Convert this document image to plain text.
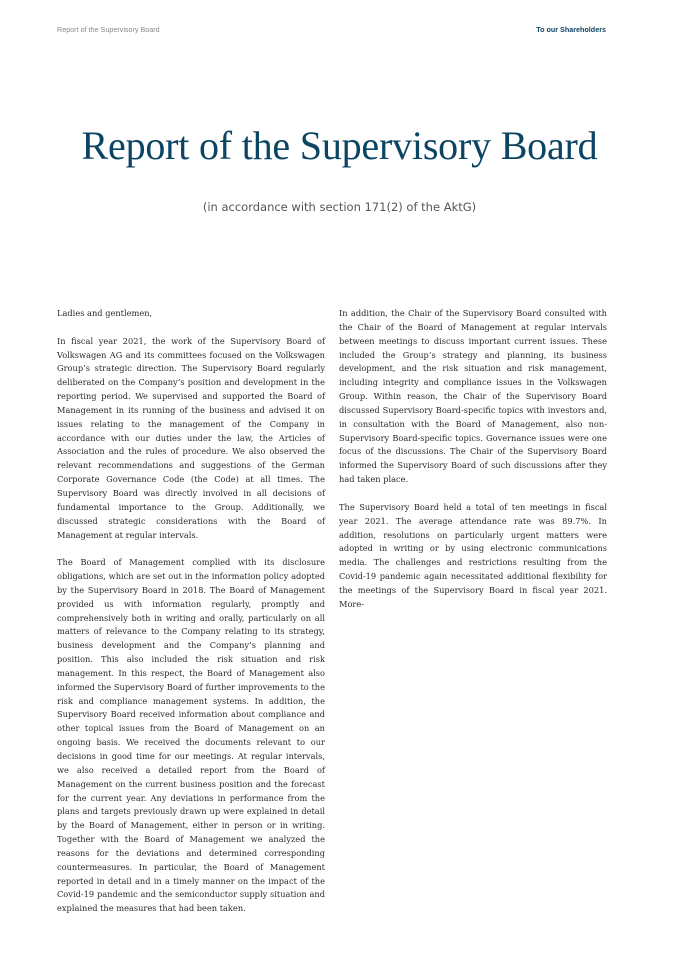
Report of the Supervisory Board	To our Shareholders
Report of the Supervisory Board
(in accordance with section 171(2) of the AktG)

Ladies and gentlemen,

In fiscal year 2021, the work of the Supervisory Board of Volkswagen AG and its committees focused on the Volkswagen Group’s strategic direction. The Supervisory Board regularly deliberated on the Company’s position and development in the reporting period. We supervised and supported the Board of Management in its running of the business and advised it on issues relating to the management of the Company in accordance with our duties under the law, the Articles of Association and the rules of procedure. We also observed the relevant recommendations and suggestions of the German Corporate Governance Code (the Code) at all times. The Supervisory Board was directly involved in all decisions of fundamental importance to the Group. Additionally, we discussed strategic considerations with the Board of Management at regular intervals.

The Board of Management complied with its disclosure obligations, which are set out in the information policy adopted by the Supervisory Board in 2018. The Board of Management provided us with information regularly, promptly and comprehensively both in writing and orally, particularly on all matters of relevance to the Company relating to its strategy, business development and the Company’s planning and position. This also included the risk situation and risk management. In this respect, the Board of Management also informed the Supervisory Board of further improvements to the risk and compliance management systems. In addition, the Supervisory Board received information about compliance and other topical issues from the Board of Management on an ongoing basis. We received the documents relevant to our decisions in good time for our meetings. At regular intervals, we also received a detailed report from the Board of Management on the current business position and the forecast for the current year. Any deviations in performance from the plans and targets previously drawn up were explained in detail by the Board of Management, either in person or in writing. Together with the Board of Management we analyzed the reasons for the deviations and determined corresponding countermeasures. In particular, the Board of Management reported in detail and in a timely manner on the impact of the Covid-19 pandemic and the semiconductor supply situation and explained the measures that had been taken.

In addition, the Chair of the Supervisory Board consulted with the Chair of the Board of Management at regular intervals between meetings to discuss important current issues. These included the Group’s strategy and planning, its business development, and the risk situation and risk management, including integrity and compliance issues in the Volkswagen Group. Within reason, the Chair of the Supervisory Board discussed Supervisory Board-specific topics with investors and, in consultation with the Board of Management, also non-Supervisory Board-specific topics. Governance issues were one focus of the discussions. The Chair of the Supervisory Board informed the Supervisory Board of such discussions after they had taken place.

The Supervisory Board held a total of ten meetings in fiscal year 2021. The average attendance rate was 89.7%. In addition, resolutions on particularly urgent matters were adopted in writing or by using electronic communications media. The challenges and restrictions resulting from the Covid-19 pandemic again necessitated additional flexibility for the meetings of the Supervisory Board in fiscal year 2021. More-
